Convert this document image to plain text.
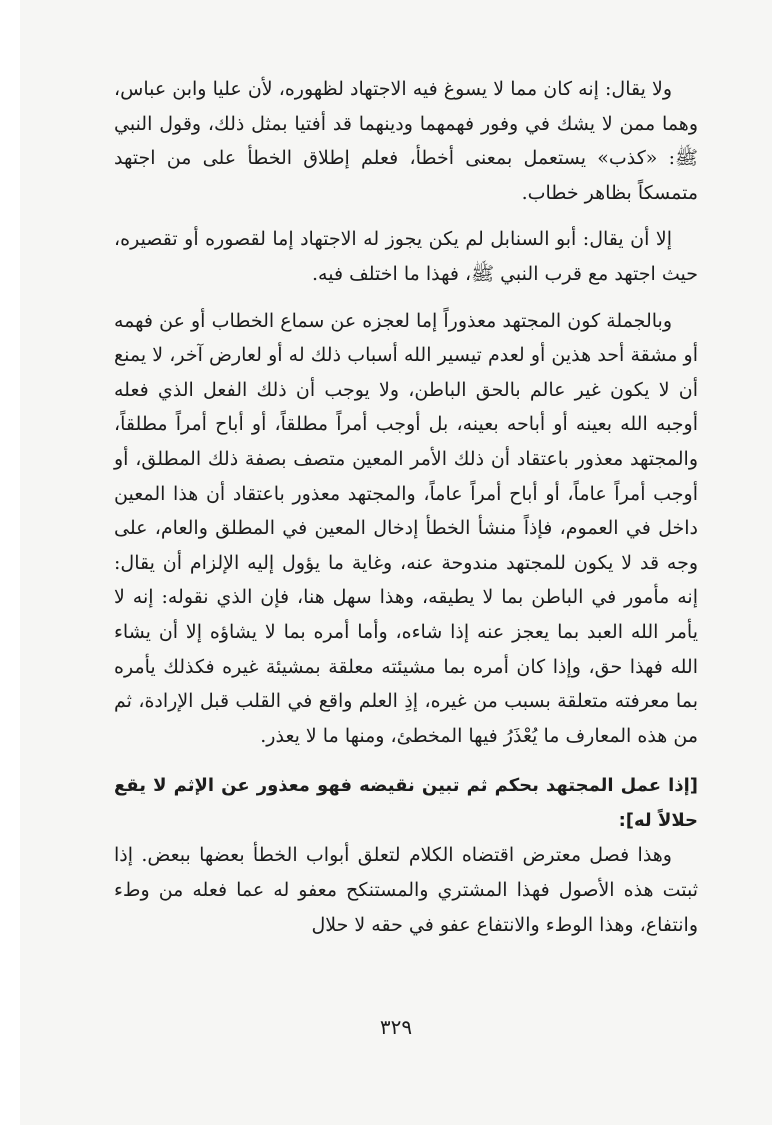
ولا يقال: إنه كان مما لا يسوغ فيه الاجتهاد لظهوره، لأن عليا وابن عباس، وهما ممن لا يشك في وفور فهمهما ودينهما قد أفتيا بمثل ذلك، وقول النبي ﷺ: «كذب» يستعمل بمعنى أخطأ، فعلم إطلاق الخطأ على من اجتهد متمسكاً بظاهر خطاب.

إلا أن يقال: أبو السنابل لم يكن يجوز له الاجتهاد إما لقصوره أو تقصيره، حيث اجتهد مع قرب النبي ﷺ، فهذا ما اختلف فيه.

وبالجملة كون المجتهد معذوراً إما لعجزه عن سماع الخطاب أو عن فهمه أو مشقة أحد هذين أو لعدم تيسير الله أسباب ذلك له أو لعارض آخر، لا يمنع أن لا يكون غير عالم بالحق الباطن، ولا يوجب أن ذلك الفعل الذي فعله أوجبه الله بعينه أو أباحه بعينه، بل أوجب أمراً مطلقاً، أو أباح أمراً مطلقاً، والمجتهد معذور باعتقاد أن ذلك الأمر المعين متصف بصفة ذلك المطلق، أو أوجب أمراً عاماً، أو أباح أمراً عاماً، والمجتهد معذور باعتقاد أن هذا المعين داخل في العموم، فإذاً منشأ الخطأ إدخال المعين في المطلق والعام، على وجه قد لا يكون للمجتهد مندوحة عنه، وغاية ما يؤول إليه الإلزام أن يقال: إنه مأمور في الباطن بما لا يطيقه، وهذا سهل هنا، فإن الذي نقوله: إنه لا يأمر الله العبد بما يعجز عنه إذا شاءه، وأما أمره بما لا يشاؤه إلا أن يشاء الله فهذا حق، وإذا كان أمره بما مشيئته معلقة بمشيئة غيره فكذلك يأمره بما معرفته متعلقة بسبب من غيره، إذِ العلم واقع في القلب قبل الإرادة، ثم من هذه المعارف ما يُعْذَرُ فيها المخطئ، ومنها ما لا يعذر.

[إذا عمل المجتهد بحكم ثم تبين نقيضه فهو معذور عن الإثم لا يقع حلالاً له]:

وهذا فصل معترض اقتضاه الكلام لتعلق أبواب الخطأ بعضها ببعض. إذا ثبتت هذه الأصول فهذا المشتري والمستنكح معفو له عما فعله من وطء وانتفاع، وهذا الوطء والانتفاع عفو في حقه لا حلال

٣٢٩
